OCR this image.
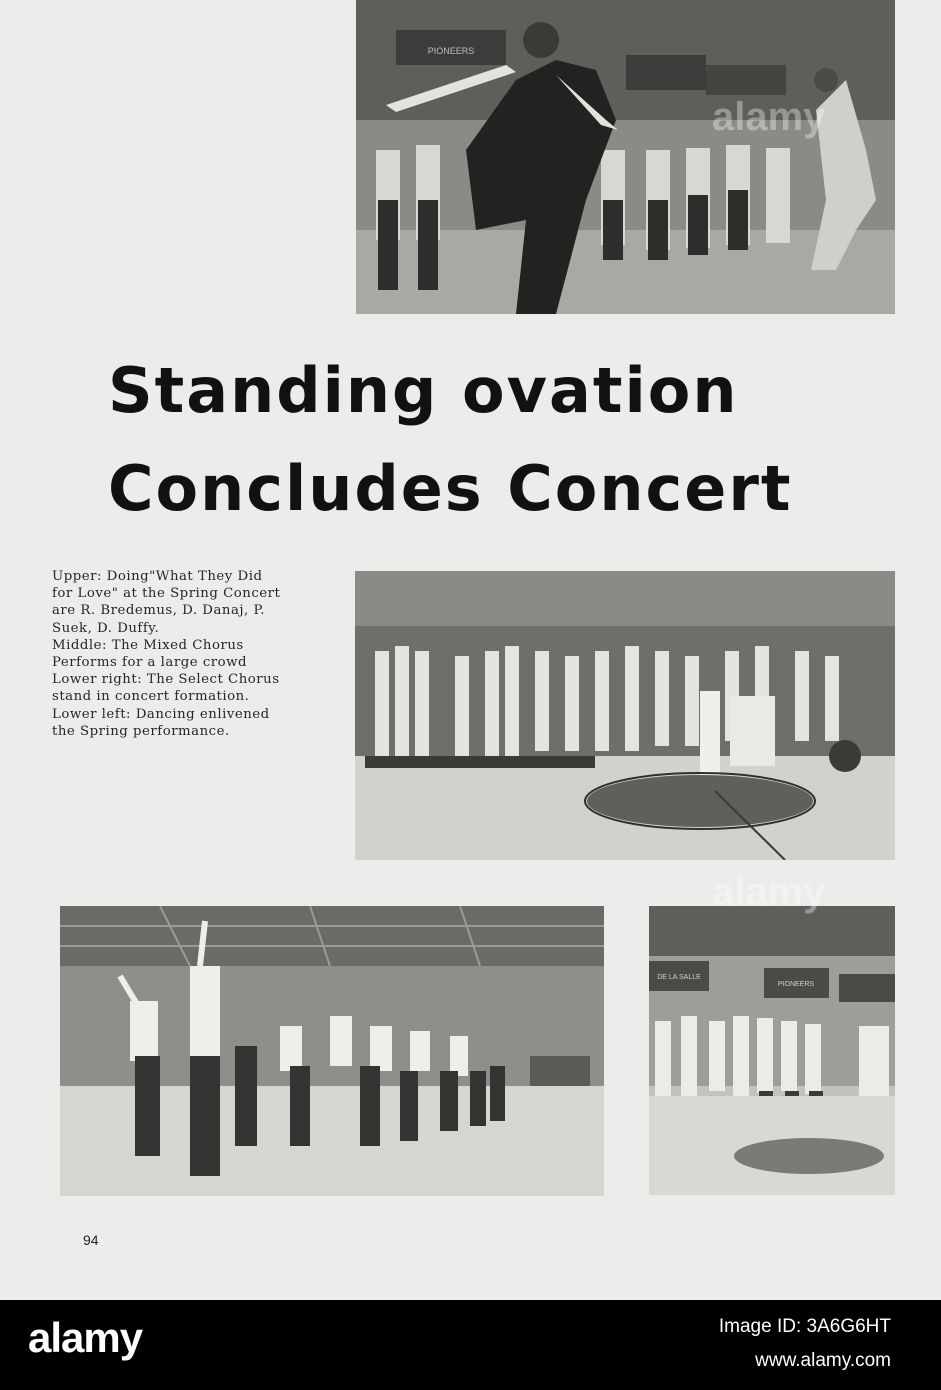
PIONEERS
Standing ovation
Concludes Concert
Upper: Doing"What They Did
for Love" at the Spring Concert
are R. Bredemus, D. Danaj, P.
Suek, D. Duffy.
Middle: The Mixed Chorus
Performs for a large crowd
Lower right: The Select Chorus
stand in concert formation.
Lower left: Dancing enlivened
the Spring performance.
DE LA SALLE
PIONEERS
alamy
alamy
94
alamy	Image ID: 3A6G6HT
www.alamy.com
